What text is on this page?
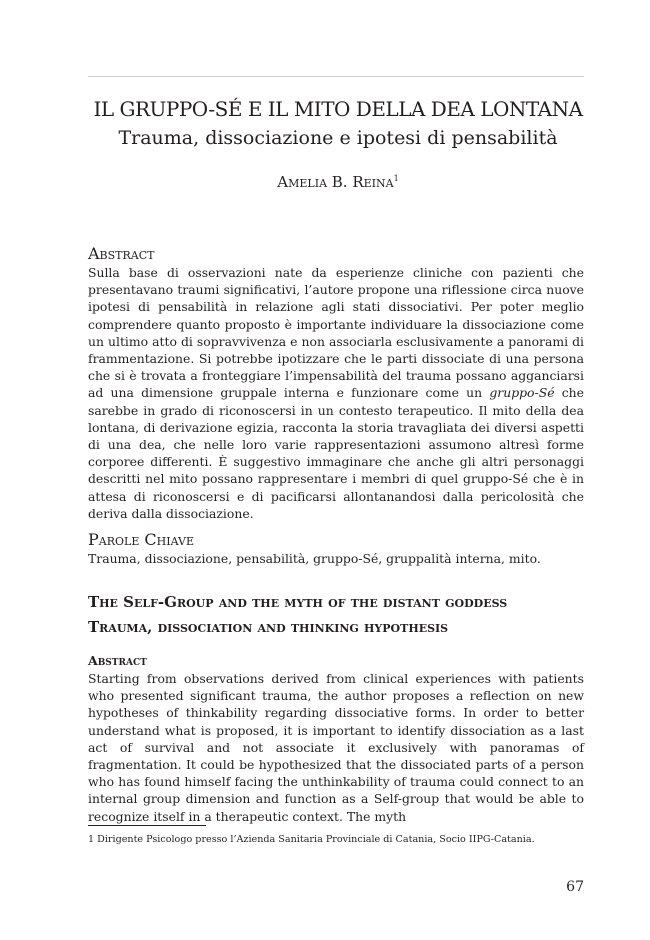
IL GRUPPO-SÉ E IL MITO DELLA DEA LONTANA
Trauma, dissociazione e ipotesi di pensabilità
Amelia B. Reina$^1$
Abstract

Sulla base di osservazioni nate da esperienze cliniche con pazienti che presentavano traumi significativi, l’autore propone una riflessione circa nuove ipotesi di pensabilità in relazione agli stati dissociativi. Per poter meglio comprendere quanto proposto è importante individuare la dissociazione come un ultimo atto di sopravvivenza e non associarla esclusivamente a panorami di frammentazione. Si potrebbe ipotizzare che le parti dissociate di una persona che si è trovata a fronteggiare l’impensabilità del trauma possano agganciarsi ad una dimensione gruppale interna e funzionare come un gruppo-Sé che sarebbe in grado di riconoscersi in un contesto terapeutico. Il mito della dea lontana, di derivazione egizia, racconta la storia travagliata dei diversi aspetti di una dea, che nelle loro varie rappresentazioni assumono altresì forme corporee differenti. È suggestivo immaginare che anche gli altri personaggi descritti nel mito possano rappresentare i membri di quel gruppo-Sé che è in attesa di riconoscersi e di pacificarsi allontanandosi dalla pericolosità che deriva dalla dissociazione.

Parole Chiave
Trauma, dissociazione, pensabilità, gruppo-Sé, gruppalità interna, mito.
The Self-Group and the myth of the distant goddess
Trauma, dissociation and thinking hypothesis
Abstract

Starting from observations derived from clinical experiences with patients who presented significant trauma, the author proposes a reflection on new hypotheses of thinkability regarding dissociative forms. In order to better understand what is proposed, it is important to identify dissociation as a last act of survival and not associate it exclusively with panoramas of fragmentation. It could be hypothesized that the dissociated parts of a person who has found himself facing the unthinkability of trauma could connect to an internal group dimension and function as a Self-group that would be able to recognize itself in a therapeutic context. The myth

1 Dirigente Psicologo presso l’Azienda Sanitaria Provinciale di Catania, Socio IIPG-Catania.
67
